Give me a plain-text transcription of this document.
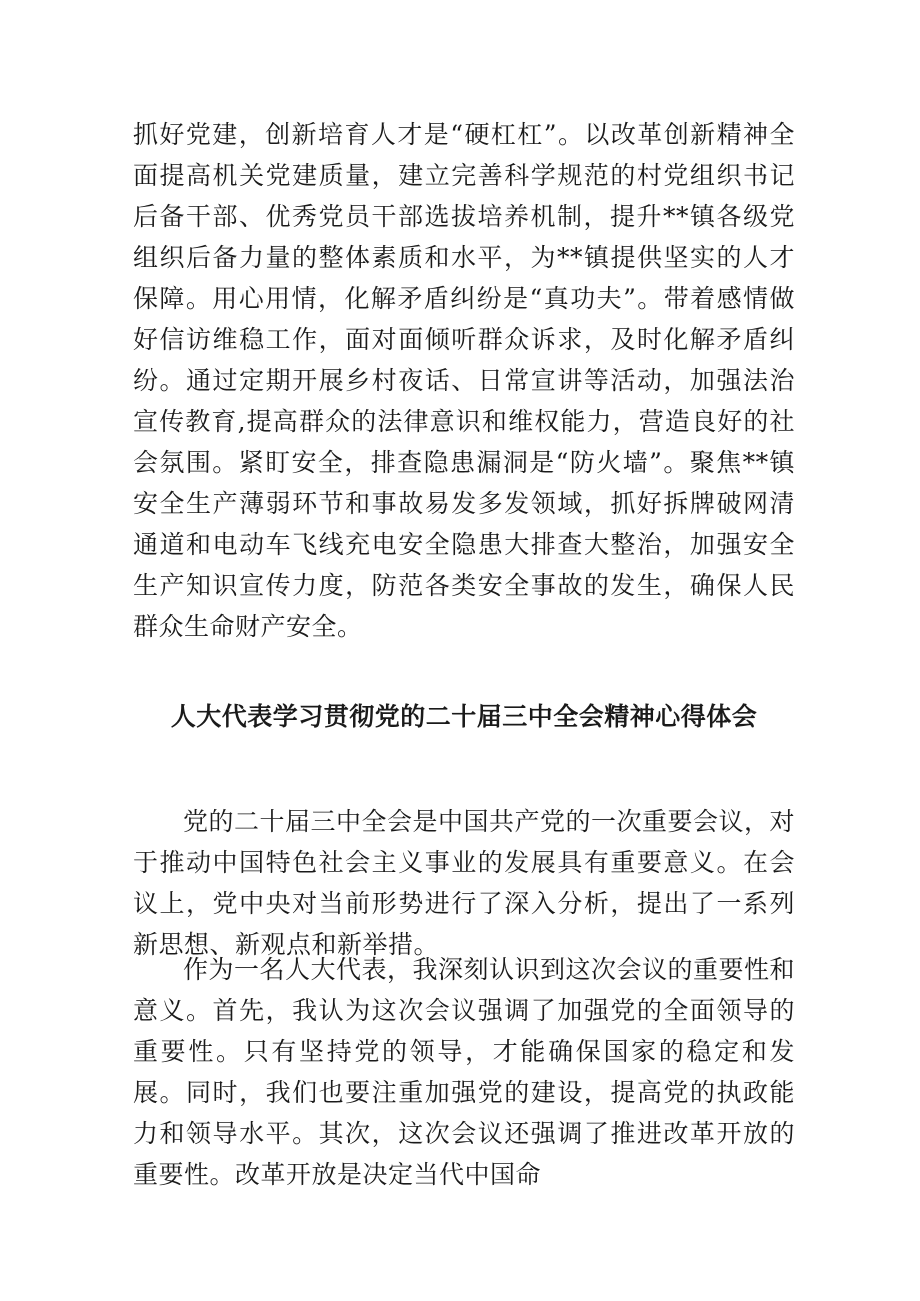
抓好党建，创新培育人才是“硬杠杠”。以改革创新精神全面提高机关党建质量，建立完善科学规范的村党组织书记后备干部、优秀党员干部选拔培养机制，提升**镇各级党组织后备力量的整体素质和水平，为**镇提供坚实的人才保障。用心用情，化解矛盾纠纷是“真功夫”。带着感情做好信访维稳工作，面对面倾听群众诉求，及时化解矛盾纠纷。通过定期开展乡村夜话、日常宣讲等活动，加强法治宣传教育,提高群众的法律意识和维权能力，营造良好的社会氛围。紧盯安全，排查隐患漏洞是“防火墙”。聚焦**镇安全生产薄弱环节和事故易发多发领域，抓好拆牌破网清通道和电动车飞线充电安全隐患大排查大整治，加强安全生产知识宣传力度，防范各类安全事故的发生，确保人民群众生命财产安全。

人大代表学习贯彻党的二十届三中全会精神心得体会

党的二十届三中全会是中国共产党的一次重要会议，对于推动中国特色社会主义事业的发展具有重要意义。在会议上，党中央对当前形势进行了深入分析，提出了一系列新思想、新观点和新举措。

作为一名人大代表，我深刻认识到这次会议的重要性和意义。首先，我认为这次会议强调了加强党的全面领导的重要性。只有坚持党的领导，才能确保国家的稳定和发展。同时，我们也要注重加强党的建设，提高党的执政能力和领导水平。其次，这次会议还强调了推进改革开放的重要性。改革开放是决定当代中国命
